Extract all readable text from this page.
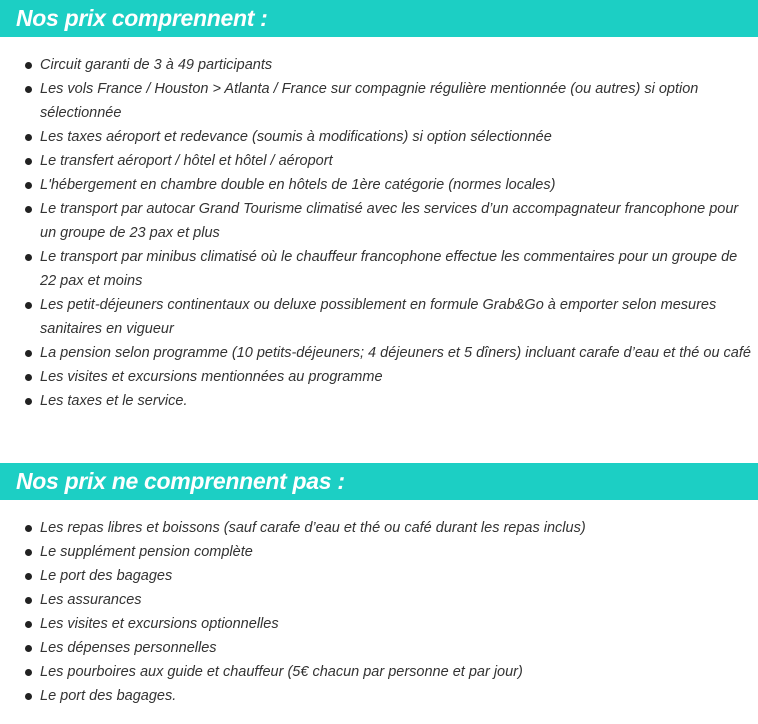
Nos prix comprennent :
Circuit garanti de 3 à 49 participants
Les vols France / Houston > Atlanta / France sur compagnie régulière mentionnée (ou autres) si option sélectionnée
Les taxes aéroport et redevance (soumis à modifications) si option sélectionnée
Le transfert aéroport / hôtel et hôtel / aéroport
L'hébergement en chambre double en hôtels de 1ère catégorie (normes locales)
Le transport par autocar Grand Tourisme climatisé avec les services d’un accompagnateur francophone pour un groupe de 23 pax et plus
Le transport par minibus climatisé où le chauffeur francophone effectue les commentaires pour un groupe de 22 pax et moins
Les petit-déjeuners continentaux ou deluxe possiblement en formule Grab&Go à emporter selon mesures sanitaires en vigueur
La pension selon programme (10 petits-déjeuners; 4 déjeuners et 5 dîners) incluant carafe d’eau et thé ou café
Les visites et excursions mentionnées au programme
Les taxes et le service.
Nos prix ne comprennent pas :
Les repas libres et boissons (sauf carafe d’eau et thé ou café durant les repas inclus)
Le supplément pension complète
Le port des bagages
Les assurances
Les visites et excursions optionnelles
Les dépenses personnelles
Les pourboires aux guide et chauffeur (5€ chacun par personne et par jour)
Le port des bagages.
